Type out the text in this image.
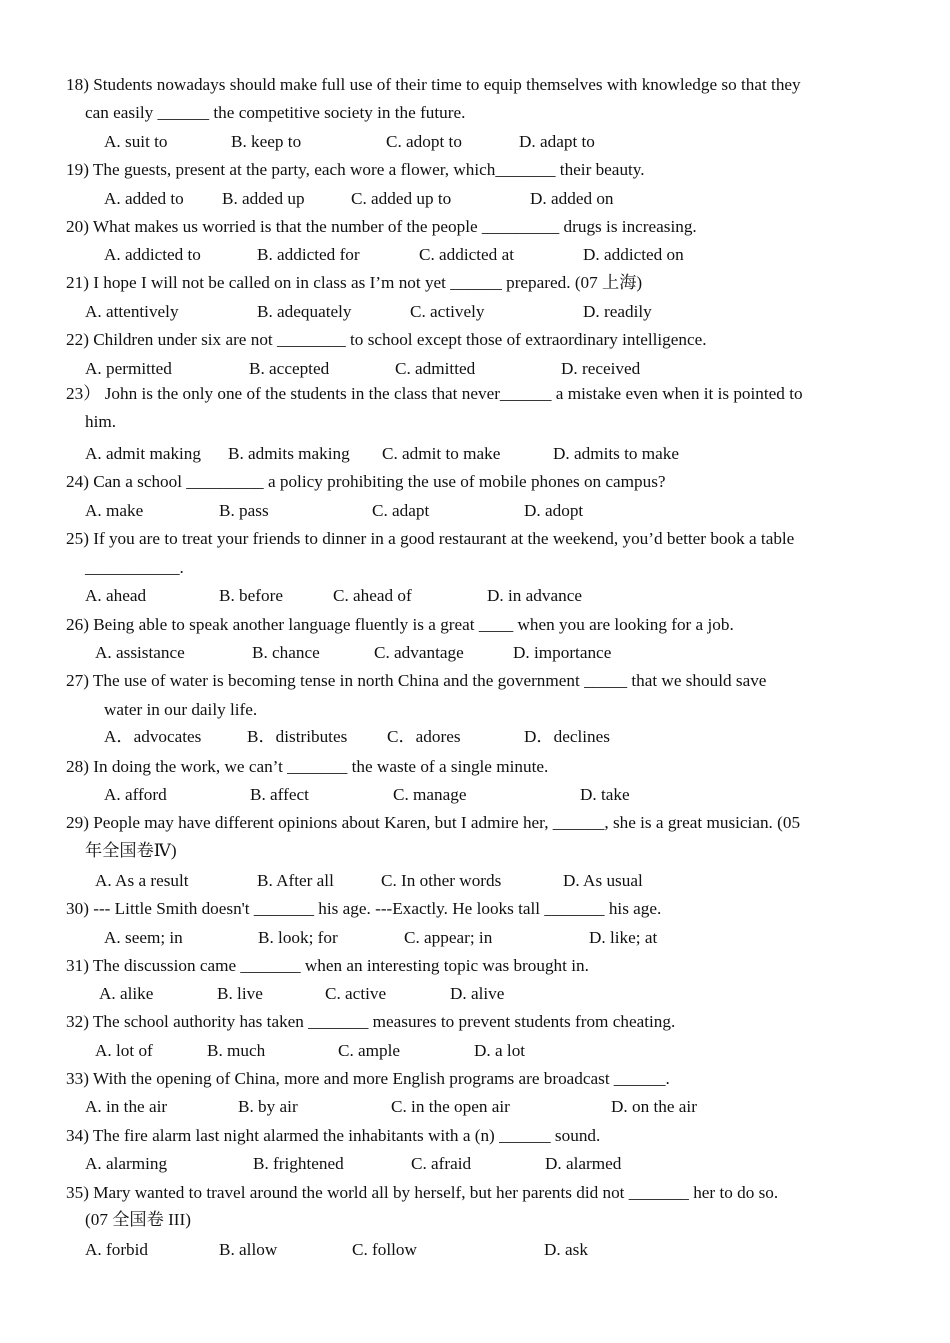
18) Students nowadays should make full use of their time to equip themselves with knowledge so that they
can easily ______ the competitive society in the future.
A. suit to	B. keep to	C. adopt to	D. adapt to
19) The guests, present at the party, each wore a flower, which_______ their beauty.
A. added to B. added up	C. added up to	D. added on
20) What makes us worried is that the number of the people _________ drugs is increasing.
A. addicted to	B. addicted for	C. addicted at	D. addicted on
21) I hope I will not be called on in class as I’m not yet ______ prepared. (07 上海)
A. attentively	B. adequately	C. actively	D. readily
22) Children under six are not ________ to school except those of extraordinary intelligence.
A. permitted	B. accepted	C. admitted	D. received
23） John is the only one of the students in the class that never______ a mistake even when it is pointed to
him.
A. admit making B. admits making C. admit to make	D. admits to make
24) Can a school _________ a policy prohibiting the use of mobile phones on campus?
A. make	B. pass	C. adapt	D. adopt
25) If you are to treat your friends to dinner in a good restaurant at the weekend, you’d better book a table
___________.
A. ahead	B. before	C. ahead of	D. in advance
26) Being able to speak another language fluently is a great ____ when you are looking for a job.
A. assistance	B. chance	C. advantage	D. importance
27) The use of water is becoming tense in north China and the government _____ that we should save
water in our daily life.
A．advocates	B．distributes C．adores	D．declines
28) In doing the work, we can’t _______ the waste of a single minute.
A. afford	B. affect	C. manage	D. take
29) People may have different opinions about Karen, but I admire her, ______, she is a great musician. (05
年全国卷Ⅳ)
A. As a result	B. After all	C. In other words	D. As usual
30) --- Little Smith doesn't _______ his age. ---Exactly. He looks tall _______ his age.
A. seem; in	B. look; for	C. appear; in	D. like; at
31) The discussion came _______ when an interesting topic was brought in.
A. alike	B. live	C. active	D. alive
32) The school authority has taken _______ measures to prevent students from cheating.
A. lot of	B. much	C. ample	D. a lot
33) With the opening of China, more and more English programs are broadcast ______.
A. in the air	B. by air	C. in the open air	D. on the air
34) The fire alarm last night alarmed the inhabitants with a (n) ______ sound.
A. alarming	B. frightened	C. afraid	D. alarmed
35) Mary wanted to travel around the world all by herself, but her parents did not _______ her to do so.
(07 全国卷 III)
A. forbid	B. allow	C. follow	D. ask
